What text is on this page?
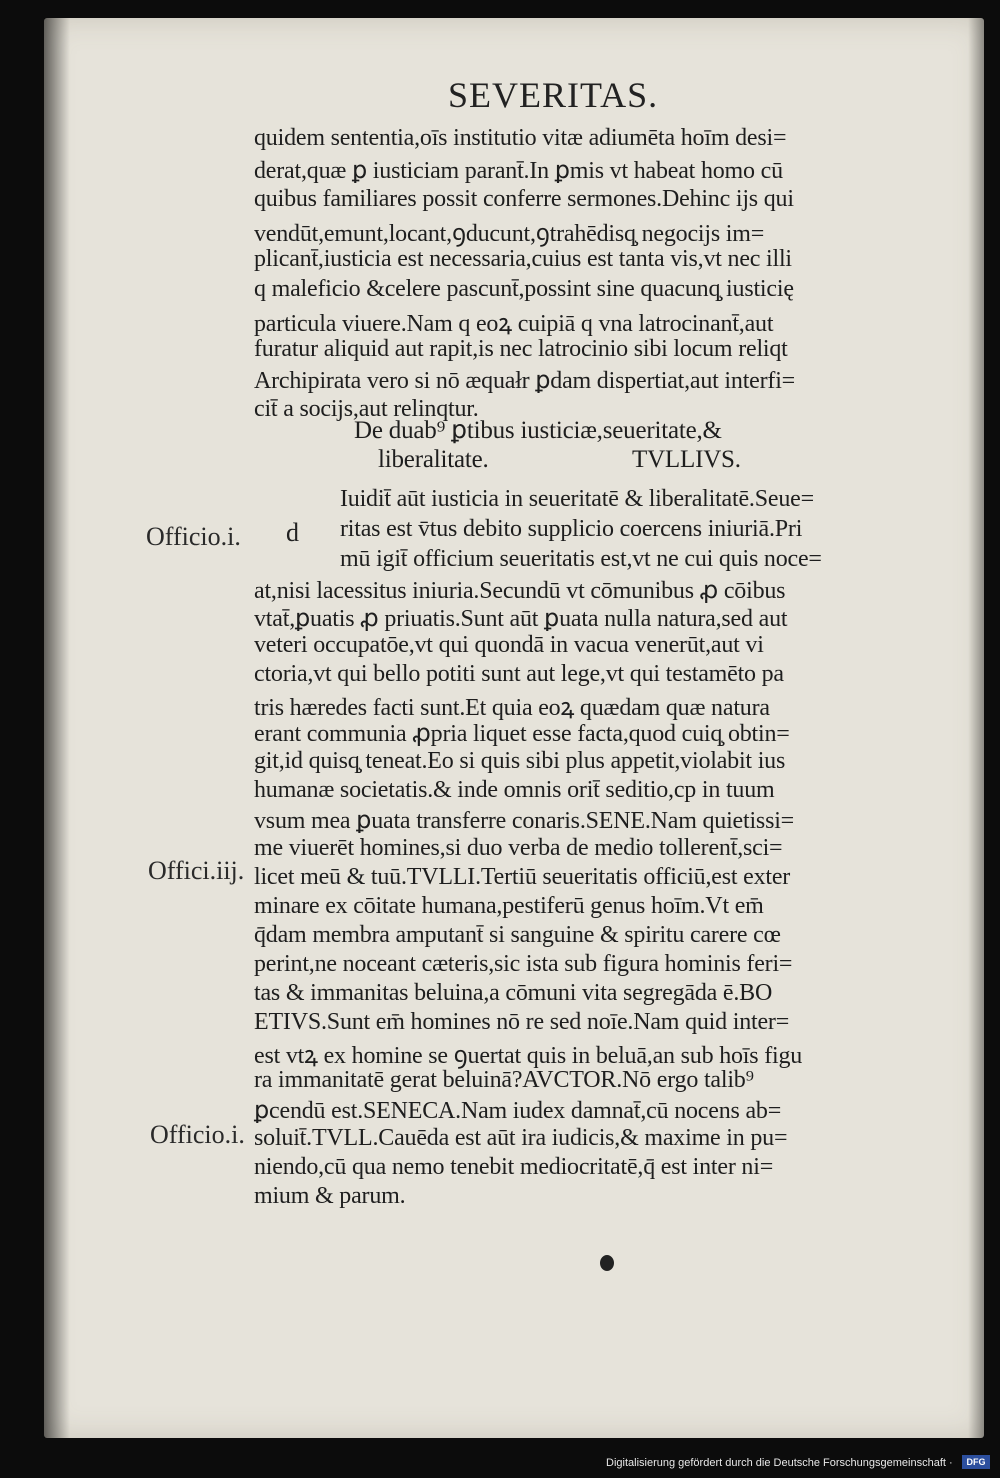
SEVERITAS.
quidem sententia,oīs institutio vitæ adiumēta hoīm desi=
derat,quæ ꝑ iusticiam parant̄.In ꝑmis vt habeat homo cū
quibus familiares possit conferre sermones.Dehinc ijs qui
vendūt,emunt,locant,ꝯducunt,ꝯtrahēdisq̧ negocijs im=
plicant̄,iusticia est necessaria,cuius est tanta vis,vt nec illi
q maleficio &celere pascunt̄,possint sine quacunq̧ iusticię
particula viuere.Nam q eoꝝ cuipiā q vna latrocinant̄,aut
furatur aliquid aut rapit,is nec latrocinio sibi locum reliqt
Archipirata vero si nō æquałr ꝑdam dispertiat,aut interfi=
cit̄ a socijs,aut relinqtur.
De duab⁹ ꝑtibus iusticiæ,seueritate,&
liberalitate.	TVLLIVS.
Officio.i.
Offici.iij.
Officio.i.
d
Iuidit̄ aūt iusticia in seueritatē & liberalitatē.Seue=
ritas est v̄tus debito supplicio coercens iniuriā.Pri
mū igit̄ officium seueritatis est,vt ne cui quis noce=
at,nisi lacessitus iniuria.Secundū vt cōmunibus ꝓ cōibus
vtat̄,ꝑuatis ꝓ priuatis.Sunt aūt ꝑuata nulla natura,sed aut
veteri occupatōe,vt qui quondā in vacua venerūt,aut vi
ctoria,vt qui bello potiti sunt aut lege,vt qui testamēto pa
tris hæredes facti sunt.Et quia eoꝝ quædam quæ natura
erant communia ꝓpria liquet esse facta,quod cuiq̧ obtin=
git,id quisq̧ teneat.Eo si quis sibi plus appetit,violabit ius
humanæ societatis.& inde omnis orit̄ seditio,cp in tuum
vsum mea ꝑuata transferre conaris.SENE.Nam quietissi=
me viuerēt homines,si duo verba de medio tollerent̄,sci=
licet meū & tuū.TVLLI.Tertiū seueritatis officiū,est exter
minare ex cōitate humana,pestiferū genus hoīm.Vt em̄
q̄dam membra amputant̄ si sanguine & spiritu carere cœ
perint,ne noceant cæteris,sic ista sub figura hominis feri=
tas & immanitas beluina,a cōmuni vita segregāda ē.BO
ETIVS.Sunt em̄ homines nō re sed noīe.Nam quid inter=
est vtꝝ ex homine se ꝯuertat quis in beluā,an sub hoīs figu
ra immanitatē gerat beluinā?AVCTOR.Nō ergo talib⁹
ꝑcendū est.SENECA.Nam iudex damnat̄,cū nocens ab=
soluit̄.TVLL.Cauēda est aūt ira iudicis,& maxime in pu=
niendo,cū qua nemo tenebit mediocritatē,q̄ est inter ni=
mium & parum.
Digitalisierung gefördert durch die Deutsche Forschungsgemeinschaft ·	DFG
